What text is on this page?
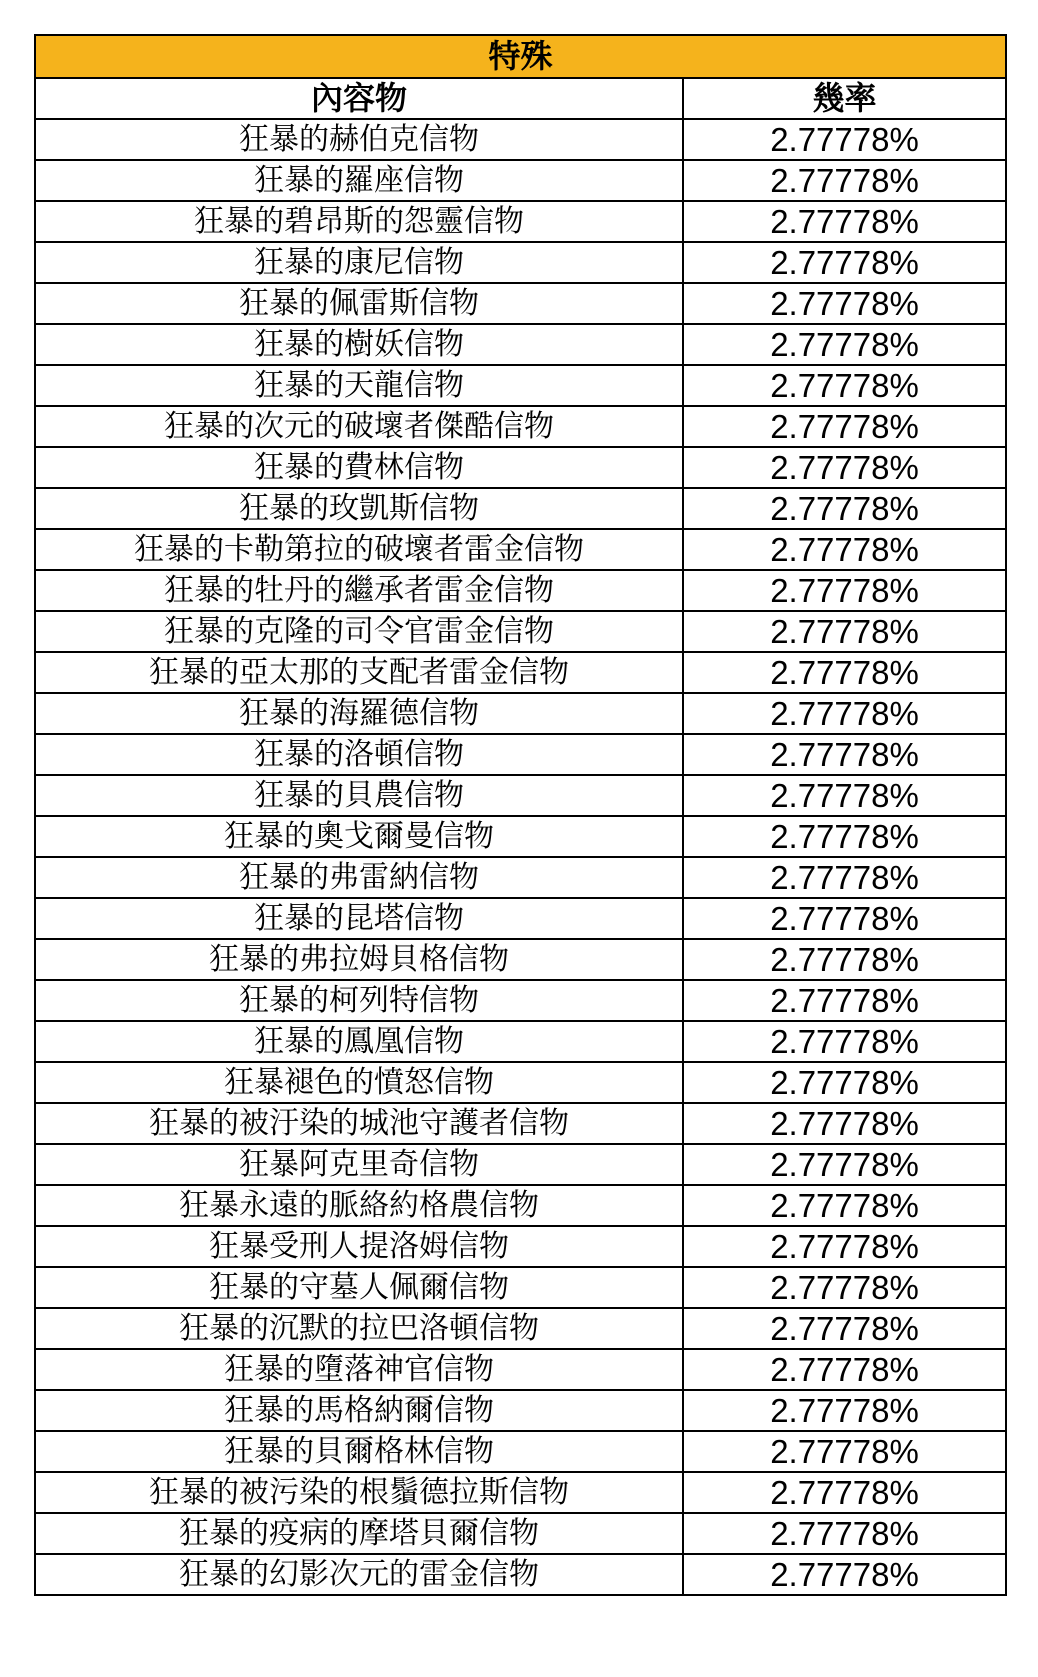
特殊	
內容物	幾率
狂暴的赫伯克信物	2.77778%
狂暴的羅座信物	2.77778%
狂暴的碧昂斯的怨靈信物	2.77778%
狂暴的康尼信物	2.77778%
狂暴的佩雷斯信物	2.77778%
狂暴的樹妖信物	2.77778%
狂暴的天龍信物	2.77778%
狂暴的次元的破壞者傑酷信物	2.77778%
狂暴的費林信物	2.77778%
狂暴的玫凱斯信物	2.77778%
狂暴的卡勒第拉的破壞者雷金信物	2.77778%
狂暴的牡丹的繼承者雷金信物	2.77778%
狂暴的克隆的司令官雷金信物	2.77778%
狂暴的亞太那的支配者雷金信物	2.77778%
狂暴的海羅德信物	2.77778%
狂暴的洛頓信物	2.77778%
狂暴的貝農信物	2.77778%
狂暴的奧戈爾曼信物	2.77778%
狂暴的弗雷納信物	2.77778%
狂暴的昆塔信物	2.77778%
狂暴的弗拉姆貝格信物	2.77778%
狂暴的柯列特信物	2.77778%
狂暴的鳳凰信物	2.77778%
狂暴褪色的憤怒信物	2.77778%
狂暴的被汙染的城池守護者信物	2.77778%
狂暴阿克里奇信物	2.77778%
狂暴永遠的脈絡約格農信物	2.77778%
狂暴受刑人提洛姆信物	2.77778%
狂暴的守墓人佩爾信物	2.77778%
狂暴的沉默的拉巴洛頓信物	2.77778%
狂暴的墮落神官信物	2.77778%
狂暴的馬格納爾信物	2.77778%
狂暴的貝爾格林信物	2.77778%
狂暴的被污染的根鬚德拉斯信物	2.77778%
狂暴的疫病的摩塔貝爾信物	2.77778%
狂暴的幻影次元的雷金信物	2.77778%
